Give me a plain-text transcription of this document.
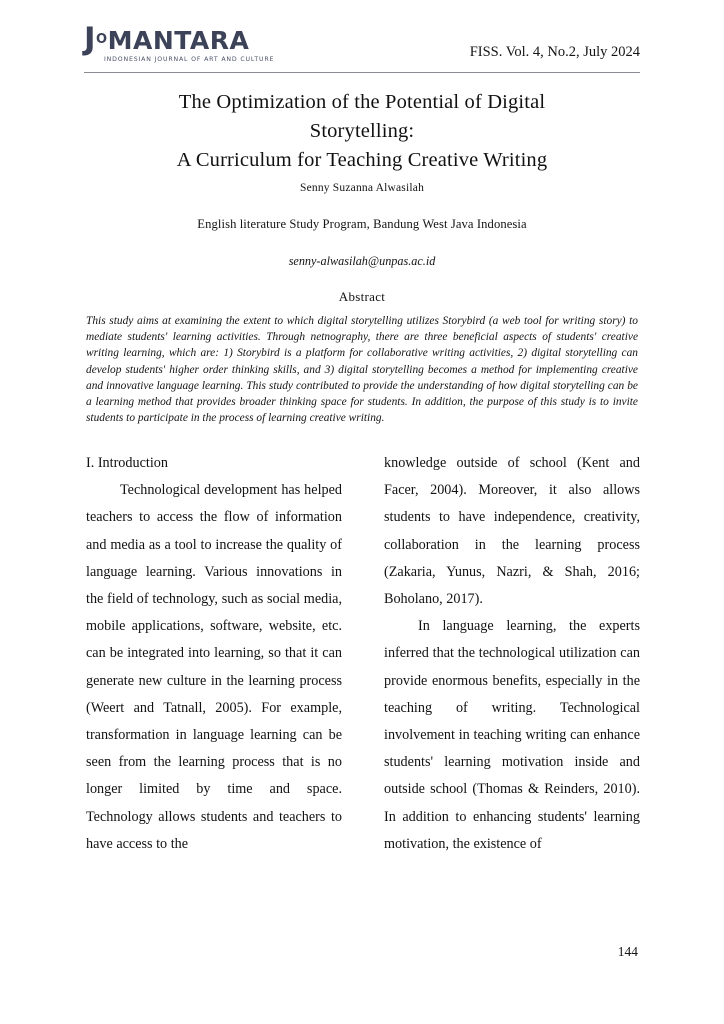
$J^OMANTARA$
INDONESIAN JOURNAL OF ART AND CULTURE	FISS. Vol. 4, No.2, July 2024
The Optimization of the Potential of Digital
Storytelling:
A Curriculum for Teaching Creative Writing
Senny Suzanna Alwasilah
English literature Study Program, Bandung West Java Indonesia
senny-alwasilah@unpas.ac.id
Abstract
This study aims at examining the extent to which digital storytelling utilizes Storybird (a web tool for writing story) to mediate students' learning activities. Through netnography, there are three beneficial aspects of students' creative writing learning, which are: 1) Storybird is a platform for collaborative writing activities, 2) digital storytelling can develop students' higher order thinking skills, and 3) digital storytelling becomes a method for implementing creative and innovative language learning. This study contributed to provide the understanding of how digital storytelling can be a learning method that provides broader thinking space for students. In addition, the purpose of this study is to invite students to participate in the process of learning creative writing.
I. Introduction

Technological development has helped teachers to access the flow of information and media as a tool to increase the quality of language learning. Various innovations in the field of technology, such as social media, mobile applications, software, website, etc. can be integrated into learning, so that it can generate new culture in the learning process (Weert and Tatnall, 2005). For example, transformation in language learning can be seen from the learning process that is no longer limited by time and space. Technology allows students and teachers to have access to the

knowledge outside of school (Kent and Facer, 2004). Moreover, it also allows students to have independence, creativity, collaboration in the learning process (Zakaria, Yunus, Nazri, & Shah, 2016; Boholano, 2017).

In language learning, the experts inferred that the technological utilization can provide enormous benefits, especially in the teaching of writing. Technological involvement in teaching writing can enhance students' learning motivation inside and outside school (Thomas & Reinders, 2010). In addition to enhancing students' learning motivation, the existence of

144
